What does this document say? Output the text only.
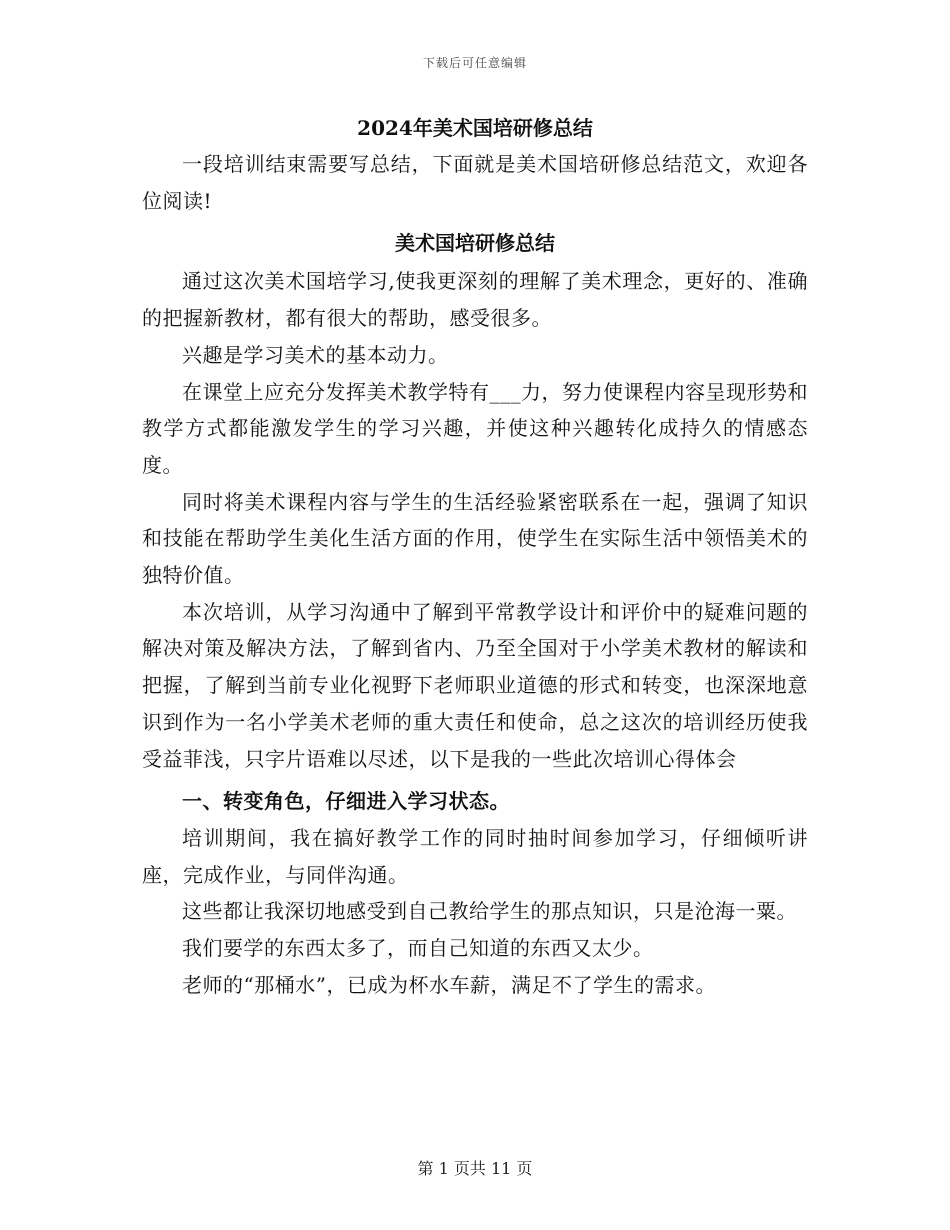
下载后可任意编辑
2024年美术国培研修总结

一段培训结束需要写总结，下面就是美术国培研修总结范文，欢迎各位阅读!

美术国培研修总结

通过这次美术国培学习,使我更深刻的理解了美术理念，更好的、准确的把握新教材，都有很大的帮助，感受很多。

兴趣是学习美术的基本动力。

在课堂上应充分发挥美术教学特有___力，努力使课程内容呈现形势和教学方式都能激发学生的学习兴趣，并使这种兴趣转化成持久的情感态度。

同时将美术课程内容与学生的生活经验紧密联系在一起，强调了知识和技能在帮助学生美化生活方面的作用，使学生在实际生活中领悟美术的独特价值。

本次培训，从学习沟通中了解到平常教学设计和评价中的疑难问题的解决对策及解决方法，了解到省内、乃至全国对于小学美术教材的解读和把握，了解到当前专业化视野下老师职业道德的形式和转变，也深深地意识到作为一名小学美术老师的重大责任和使命，总之这次的培训经历使我受益菲浅，只字片语难以尽述，以下是我的一些此次培训心得体会

一、转变角色，仔细进入学习状态。

培训期间，我在搞好教学工作的同时抽时间参加学习，仔细倾听讲座，完成作业，与同伴沟通。

这些都让我深切地感受到自己教给学生的那点知识，只是沧海一粟。

我们要学的东西太多了，而自己知道的东西又太少。

老师的“那桶水”，已成为杯水车薪，满足不了学生的需求。

第 1 页共 11 页
